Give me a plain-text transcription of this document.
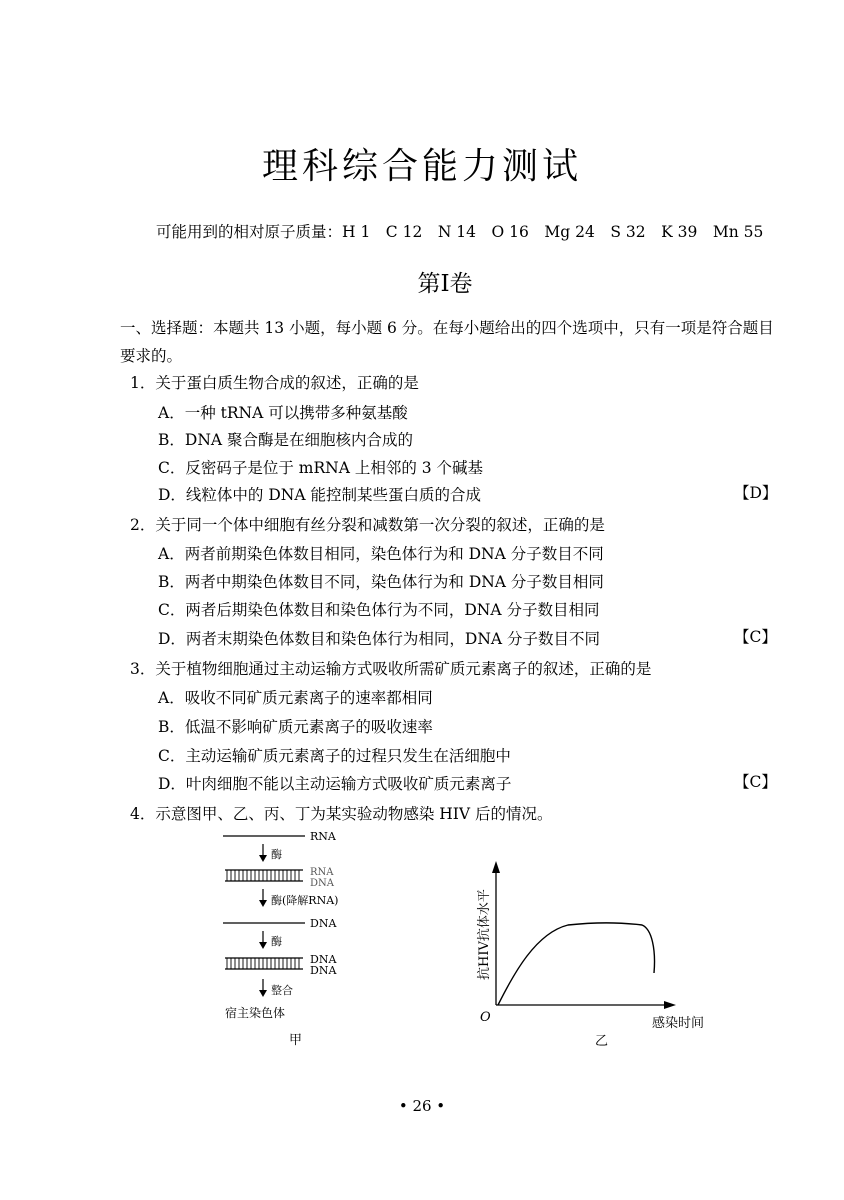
理科综合能力测试
可能用到的相对原子质量：H 1　C 12　N 14　O 16　Mg 24　S 32　K 39　Mn 55
第Ⅰ卷
一、选择题：本题共 13 小题，每小题 6 分。在每小题给出的四个选项中，只有一项是符合题目要求的。
1．关于蛋白质生物合成的叙述，正确的是
A．一种 tRNA 可以携带多种氨基酸
B．DNA 聚合酶是在细胞核内合成的
C．反密码子是位于 mRNA 上相邻的 3 个碱基
D．线粒体中的 DNA 能控制某些蛋白质的合成	【D】
2．关于同一个体中细胞有丝分裂和减数第一次分裂的叙述，正确的是
A．两者前期染色体数目相同，染色体行为和 DNA 分子数目不同
B．两者中期染色体数目不同，染色体行为和 DNA 分子数目相同
C．两者后期染色体数目和染色体行为不同，DNA 分子数目相同
D．两者末期染色体数目和染色体行为相同，DNA 分子数目不同	【C】
3．关于植物细胞通过主动运输方式吸收所需矿质元素离子的叙述，正确的是
A．吸收不同矿质元素离子的速率都相同
B．低温不影响矿质元素离子的吸收速率
C．主动运输矿质元素离子的过程只发生在活细胞中
D．叶肉细胞不能以主动运输方式吸收矿质元素离子	【C】
4．示意图甲、乙、丙、丁为某实验动物感染 HIV 后的情况。
RNA
酶
RNA
DNA
酶(降解RNA)
DNA
酶
DNA
DNA
整合
宿主染色体
甲
O	感染时间
抗HIV抗体水平
乙
• 26 •
